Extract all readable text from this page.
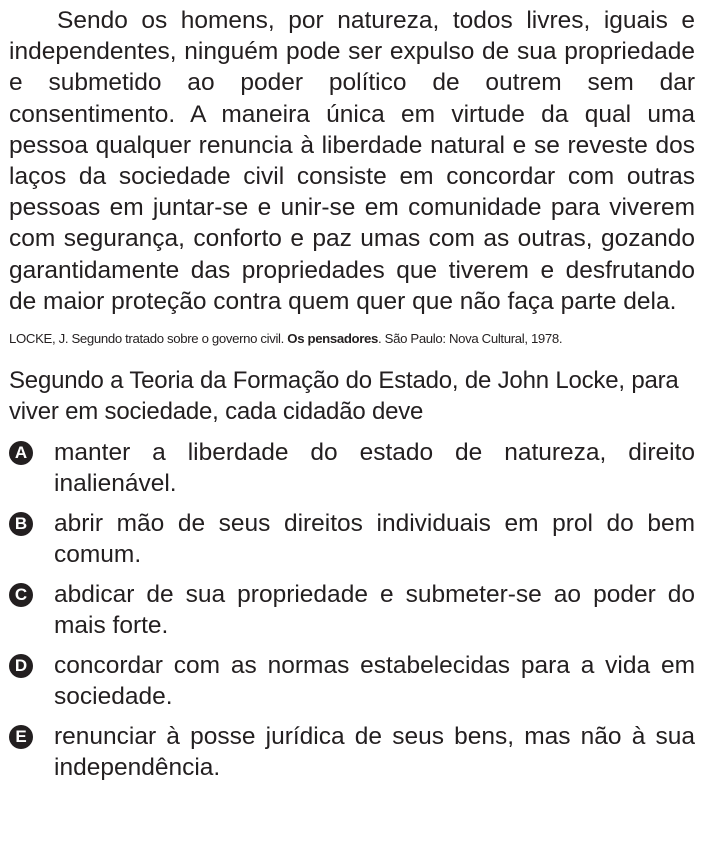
Sendo os homens, por natureza, todos livres, iguais e independentes, ninguém pode ser expulso de sua propriedade e submetido ao poder político de outrem sem dar consentimento. A maneira única em virtude da qual uma pessoa qualquer renuncia à liberdade natural e se reveste dos laços da sociedade civil consiste em concordar com outras pessoas em juntar-se e unir-se em comunidade para viverem com segurança, conforto e paz umas com as outras, gozando garantidamente das propriedades que tiverem e desfrutando de maior proteção contra quem quer que não faça parte dela.

LOCKE, J. Segundo tratado sobre o governo civil. Os pensadores. São Paulo: Nova Cultural, 1978.

Segundo a Teoria da Formação do Estado, de John Locke, para viver em sociedade, cada cidadão deve

A manter a liberdade do estado de natureza, direito inalienável.
B abrir mão de seus direitos individuais em prol do bem comum.
C abdicar de sua propriedade e submeter-se ao poder do mais forte.
D concordar com as normas estabelecidas para a vida em sociedade.
E renunciar à posse jurídica de seus bens, mas não à sua independência.
